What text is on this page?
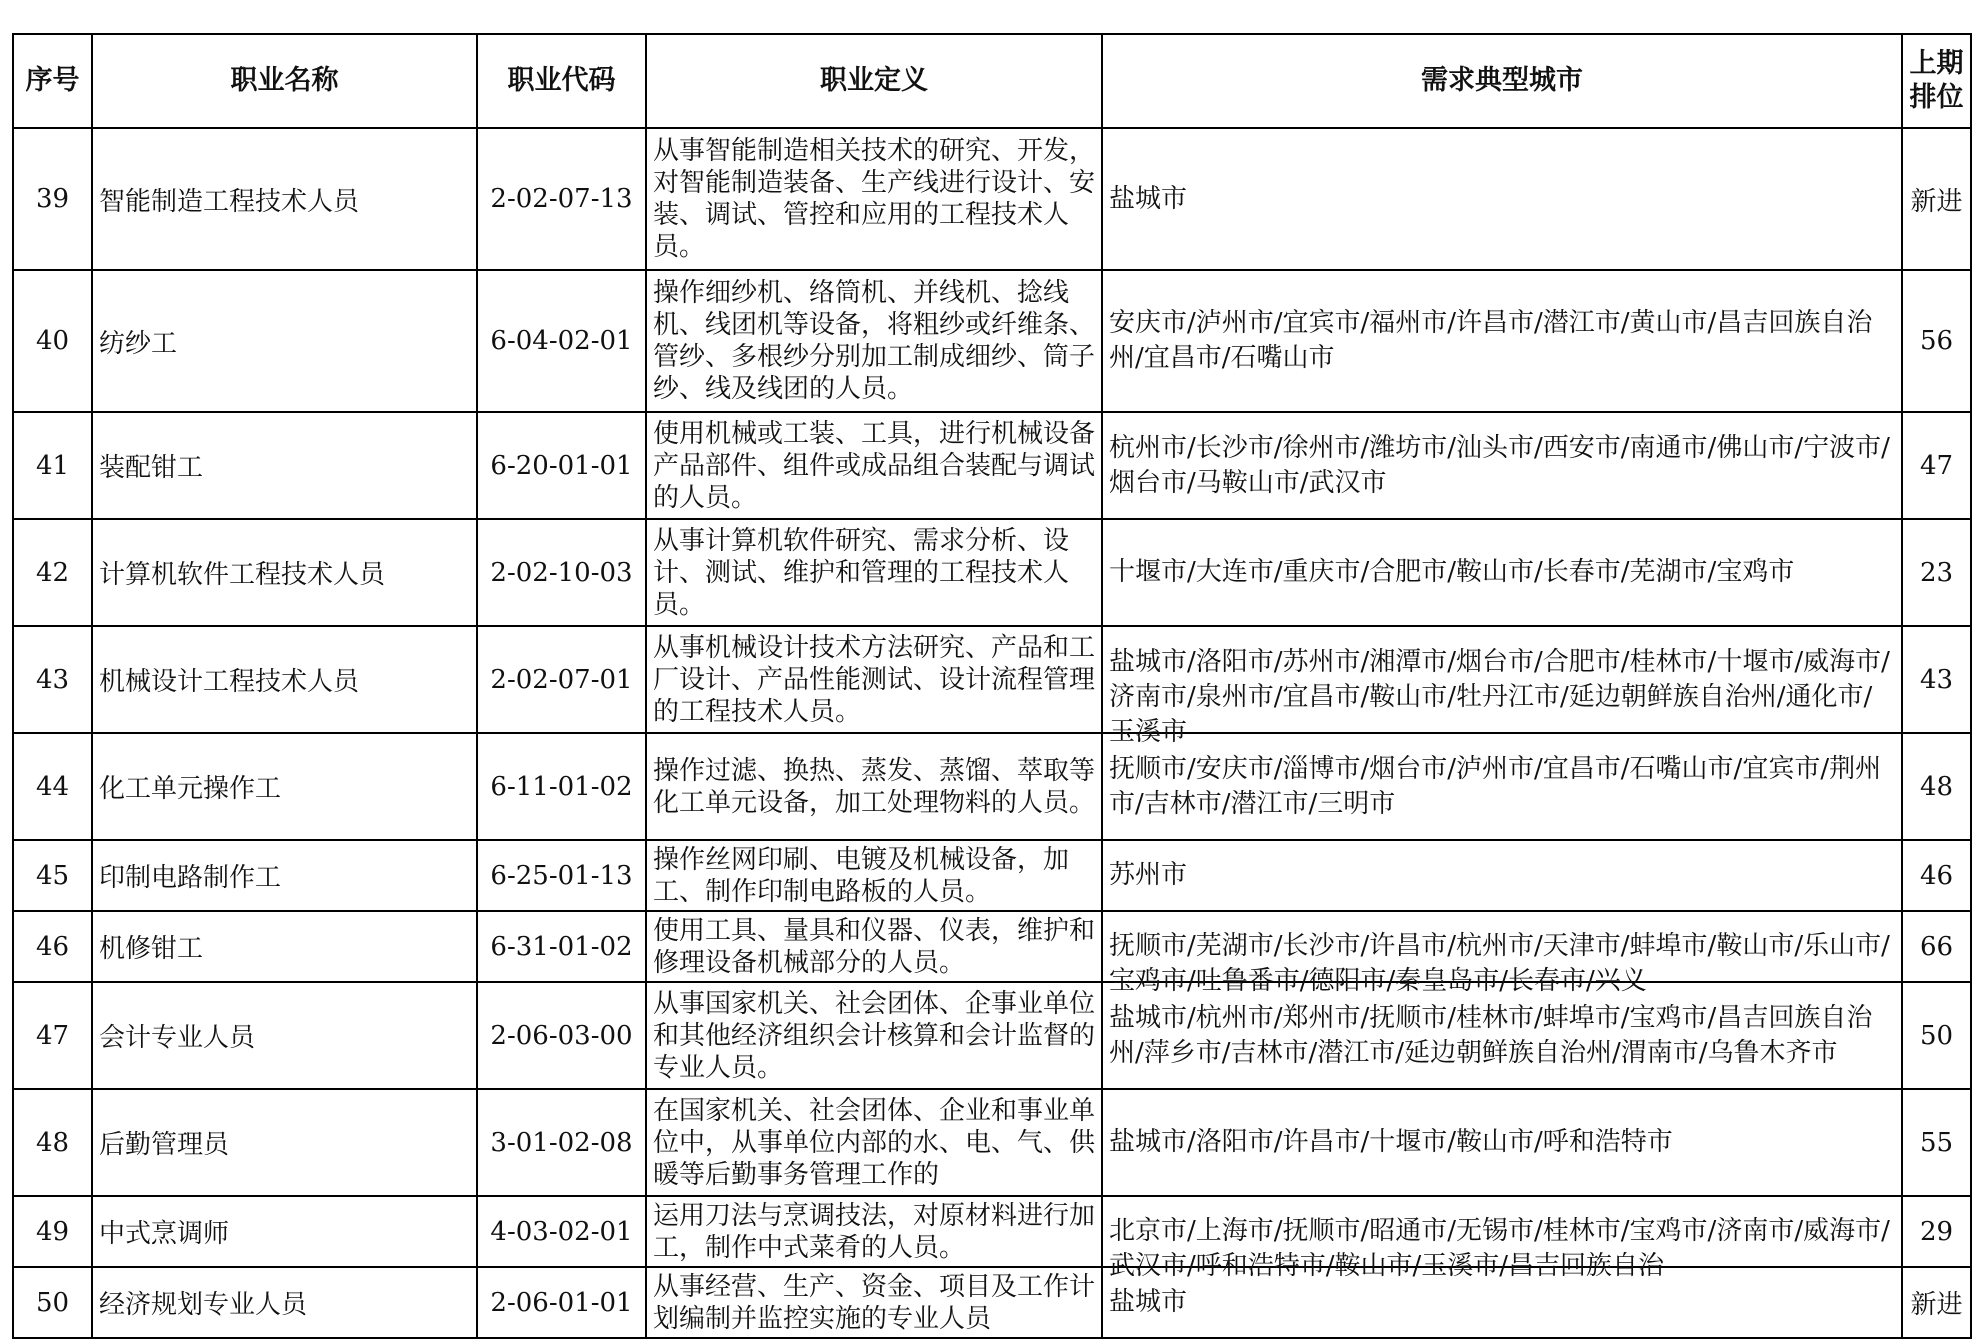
序号	职业名称	职业代码	职业定义	需求典型城市	上期排位

39	智能制造工程技术人员	2-02-07-13	从事智能制造相关技术的研究、开发，对智能制造装备、生产线进行设计、安装、调试、管控和应用的工程技术人员。	盐城市	新进

40	纺纱工	6-04-02-01	操作细纱机、络筒机、并线机、捻线机、线团机等设备，将粗纱或纤维条、管纱、多根纱分别加工制成细纱、筒子纱、线及线团的人员。	安庆市/泸州市/宜宾市/福州市/许昌市/潜江市/黄山市/昌吉回族自治州/宜昌市/石嘴山市	56

41	装配钳工	6-20-01-01	使用机械或工装、工具，进行机械设备产品部件、组件或成品组合装配与调试的人员。	杭州市/长沙市/徐州市/潍坊市/汕头市/西安市/南通市/佛山市/宁波市/烟台市/马鞍山市/武汉市	47

42	计算机软件工程技术人员	2-02-10-03	从事计算机软件研究、需求分析、设计、测试、维护和管理的工程技术人员。	十堰市/大连市/重庆市/合肥市/鞍山市/长春市/芜湖市/宝鸡市	23

43	机械设计工程技术人员	2-02-07-01	从事机械设计技术方法研究、产品和工厂设计、产品性能测试、设计流程管理的工程技术人员。	盐城市/洛阳市/苏州市/湘潭市/烟台市/合肥市/桂林市/十堰市/威海市/济南市/泉州市/宜昌市/鞍山市/牡丹江市/延边朝鲜族自治州/通化市/玉溪市	43

44	化工单元操作工	6-11-01-02	操作过滤、换热、蒸发、蒸馏、萃取等化工单元设备，加工处理物料的人员。	抚顺市/安庆市/淄博市/烟台市/泸州市/宜昌市/石嘴山市/宜宾市/荆州市/吉林市/潜江市/三明市	48

45	印制电路制作工	6-25-01-13	操作丝网印刷、电镀及机械设备，加工、制作印制电路板的人员。	苏州市	46

46	机修钳工	6-31-01-02	使用工具、量具和仪器、仪表，维护和修理设备机械部分的人员。	抚顺市/芜湖市/长沙市/许昌市/杭州市/天津市/蚌埠市/鞍山市/乐山市/宝鸡市/吐鲁番市/德阳市/秦皇岛市/长春市/兴义	66

47	会计专业人员	2-06-03-00	从事国家机关、社会团体、企事业单位和其他经济组织会计核算和会计监督的专业人员。	盐城市/杭州市/郑州市/抚顺市/桂林市/蚌埠市/宝鸡市/昌吉回族自治州/萍乡市/吉林市/潜江市/延边朝鲜族自治州/渭南市/乌鲁木齐市	50

48	后勤管理员	3-01-02-08	在国家机关、社会团体、企业和事业单位中，从事单位内部的水、电、气、供暖等后勤事务管理工作的	盐城市/洛阳市/许昌市/十堰市/鞍山市/呼和浩特市	55

49	中式烹调师	4-03-02-01	运用刀法与烹调技法，对原材料进行加工，制作中式菜肴的人员。	北京市/上海市/抚顺市/昭通市/无锡市/桂林市/宝鸡市/济南市/威海市/武汉市/呼和浩特市/鞍山市/玉溪市/昌吉回族自治	29

50	经济规划专业人员	2-06-01-01	从事经营、生产、资金、项目及工作计划编制并监控实施的专业人员	盐城市	新进
